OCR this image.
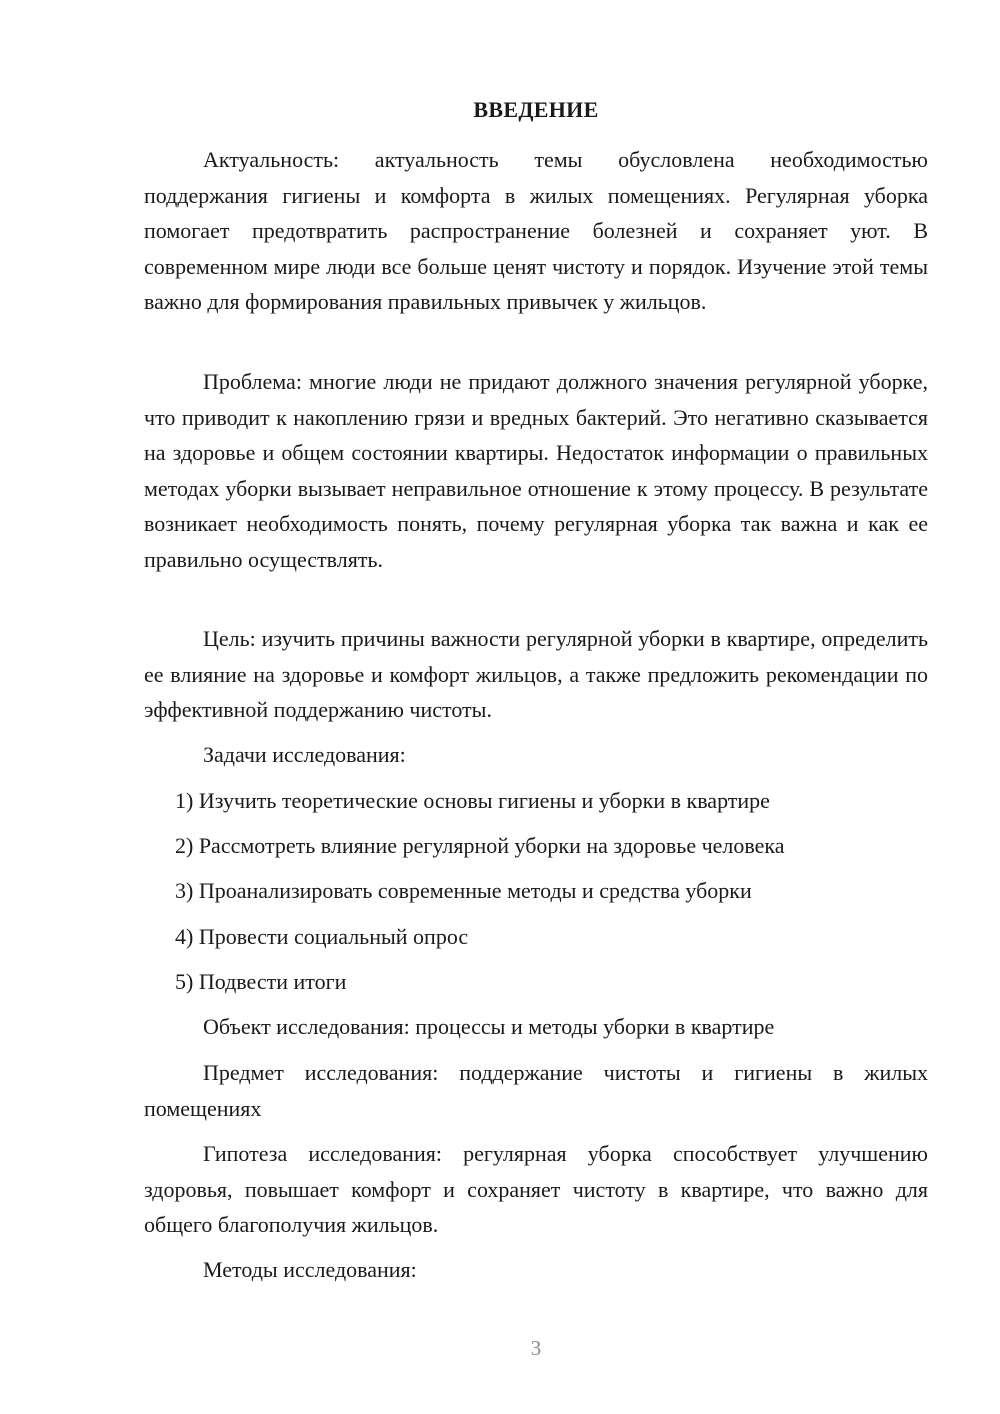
ВВЕДЕНИЕ

Актуальность: актуальность темы обусловлена необходимостью поддержания гигиены и комфорта в жилых помещениях. Регулярная уборка помогает предотвратить распространение болезней и сохраняет уют. В современном мире люди все больше ценят чистоту и порядок. Изучение этой темы важно для формирования правильных привычек у жильцов.

Проблема: многие люди не придают должного значения регулярной уборке, что приводит к накоплению грязи и вредных бактерий. Это негативно сказывается на здоровье и общем состоянии квартиры. Недостаток информации о правильных методах уборки вызывает неправильное отношение к этому процессу. В результате возникает необходимость понять, почему регулярная уборка так важна и как ее правильно осуществлять.

Цель: изучить причины важности регулярной уборки в квартире, определить ее влияние на здоровье и комфорт жильцов, а также предложить рекомендации по эффективной поддержанию чистоты.

Задачи исследования:

1) Изучить теоретические основы гигиены и уборки в квартире

2) Рассмотреть влияние регулярной уборки на здоровье человека

3) Проанализировать современные методы и средства уборки

4) Провести социальный опрос

5) Подвести итоги

Объект исследования: процессы и методы уборки в квартире

Предмет исследования: поддержание чистоты и гигиены в жилых помещениях

Гипотеза исследования: регулярная уборка способствует улучшению здоровья, повышает комфорт и сохраняет чистоту в квартире, что важно для общего благополучия жильцов.

Методы исследования:

3
